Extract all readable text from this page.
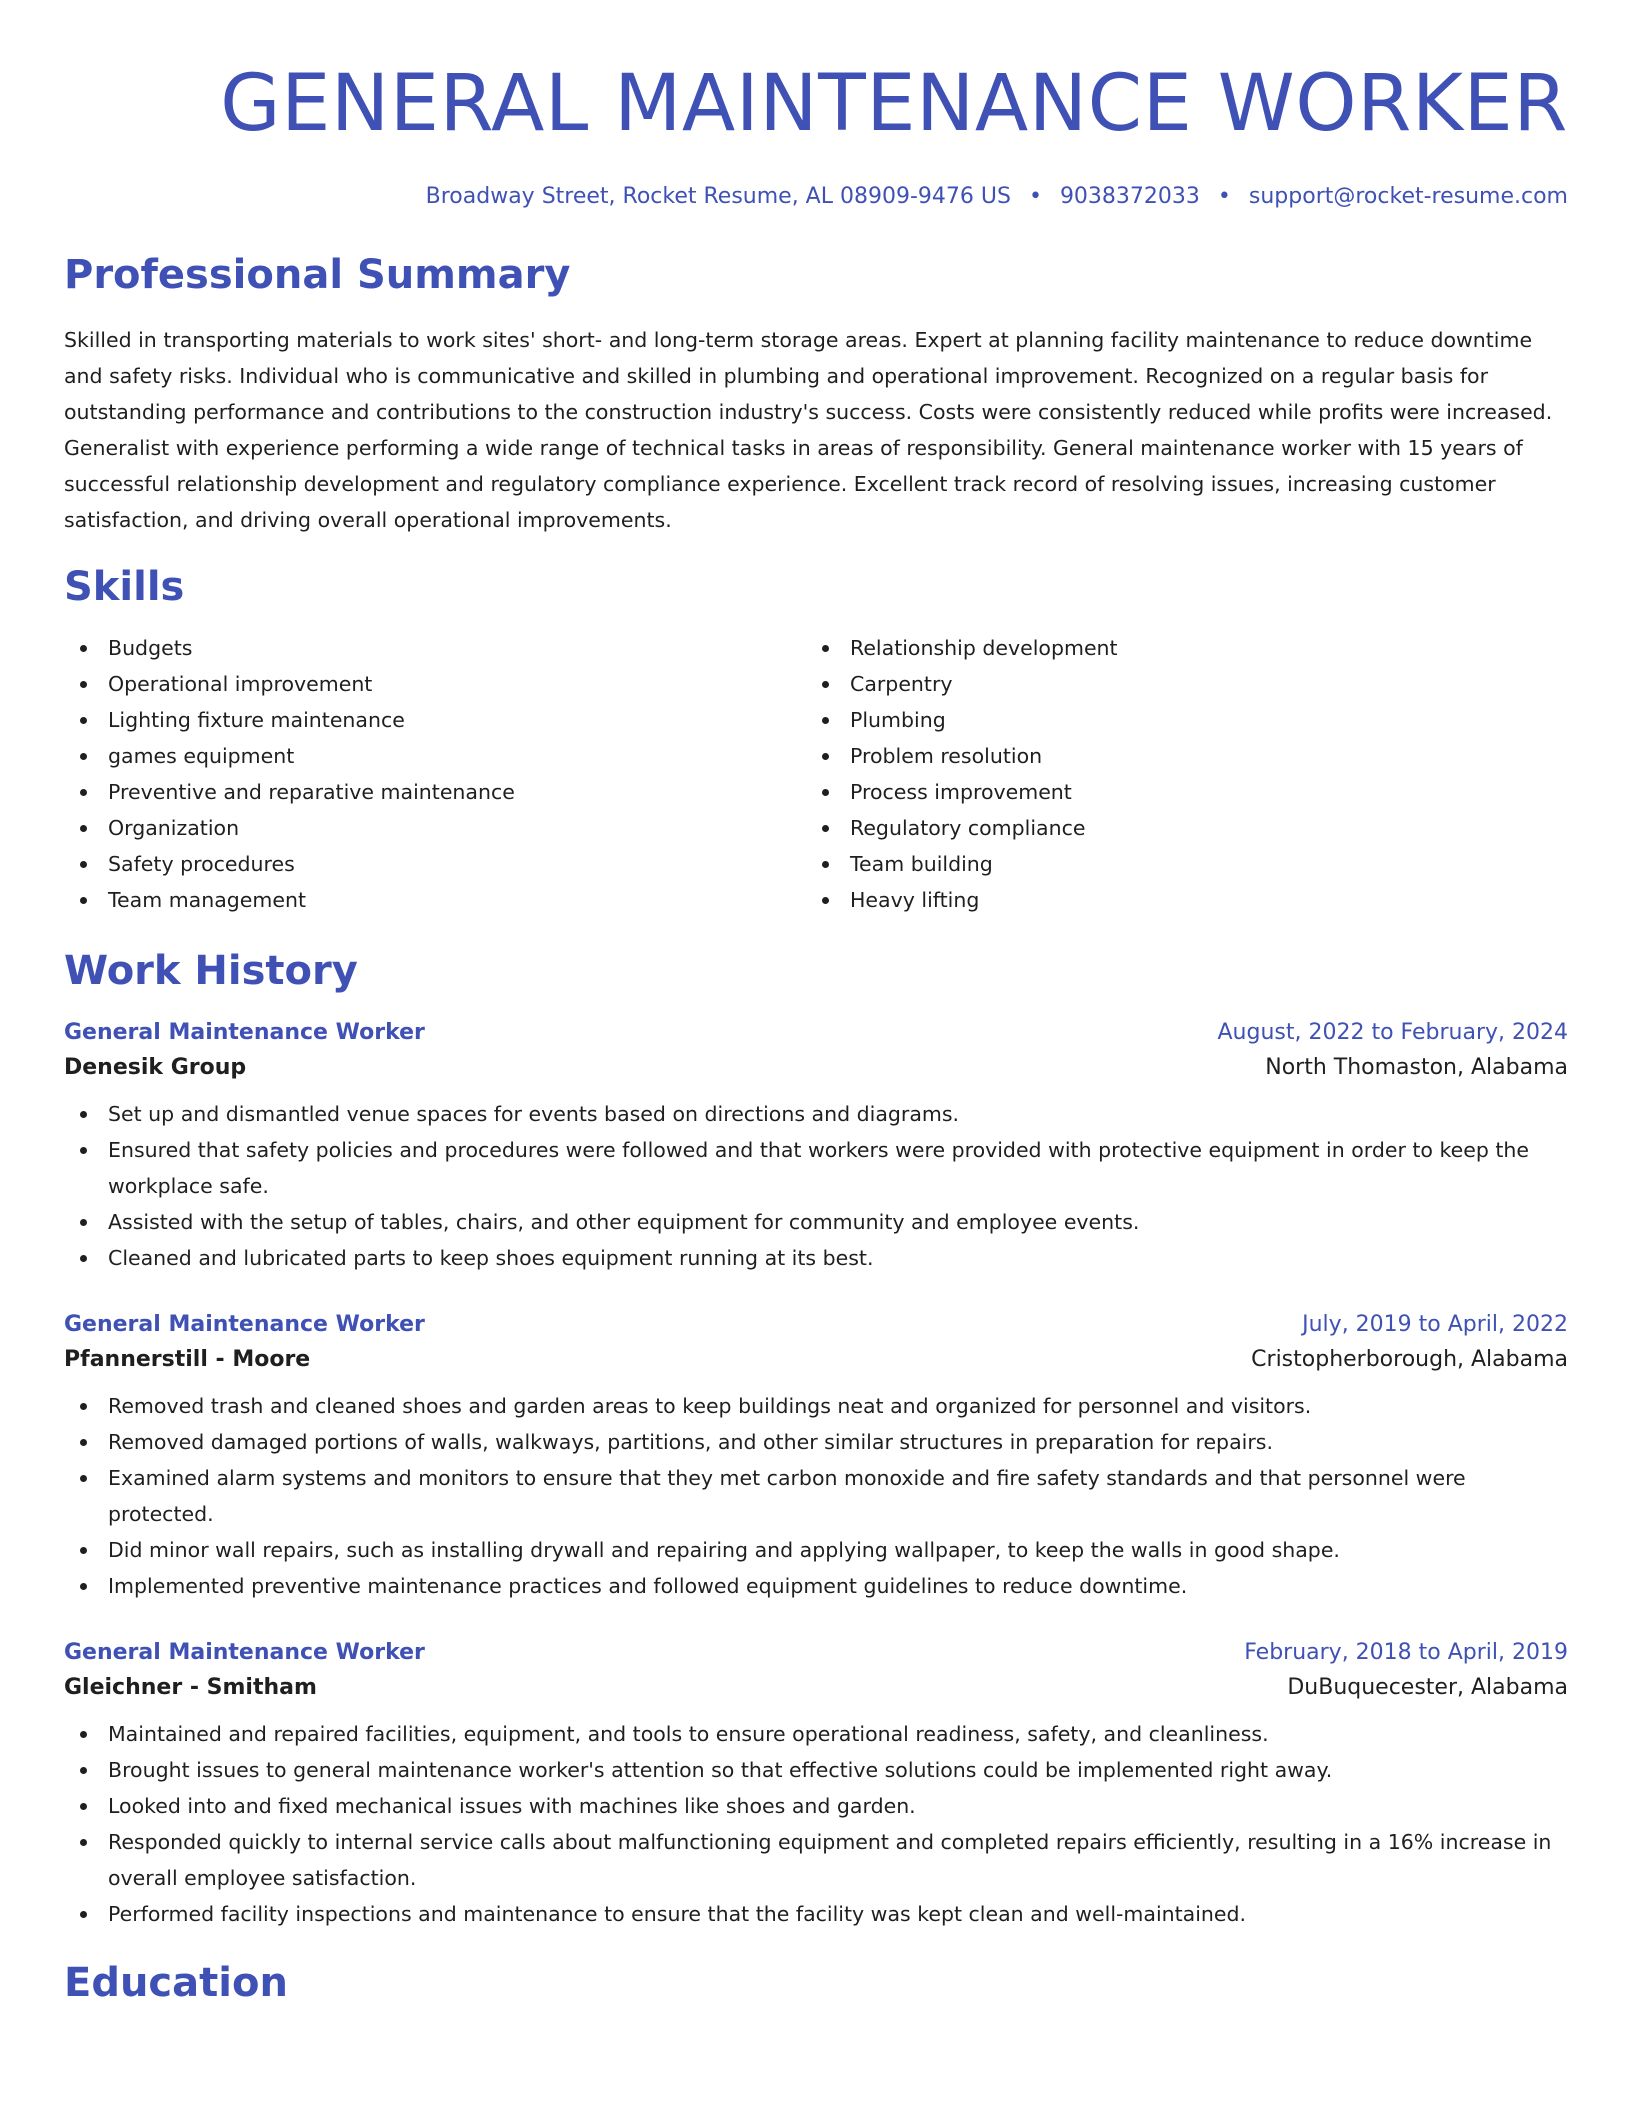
GENERAL MAINTENANCE WORKER
Broadway Street, Rocket Resume, AL 08909-9476 US • 9038372033 • support@rocket-resume.com
Professional Summary
Skilled in transporting materials to work sites' short- and long-term storage areas. Expert at planning facility maintenance to reduce downtime and safety risks. Individual who is communicative and skilled in plumbing and operational improvement. Recognized on a regular basis for outstanding performance and contributions to the construction industry's success. Costs were consistently reduced while profits were increased. Generalist with experience performing a wide range of technical tasks in areas of responsibility. General maintenance worker with 15 years of successful relationship development and regulatory compliance experience. Excellent track record of resolving issues, increasing customer satisfaction, and driving overall operational improvements.
Skills
Budgets
Operational improvement
Lighting fixture maintenance
games equipment
Preventive and reparative maintenance
Organization
Safety procedures
Team management
Relationship development
Carpentry
Plumbing
Problem resolution
Process improvement
Regulatory compliance
Team building
Heavy lifting
Work History
General Maintenance Worker	August, 2022 to February, 2024
Denesik Group	North Thomaston, Alabama
Set up and dismantled venue spaces for events based on directions and diagrams.
Ensured that safety policies and procedures were followed and that workers were provided with protective equipment in order to keep the workplace safe.
Assisted with the setup of tables, chairs, and other equipment for community and employee events.
Cleaned and lubricated parts to keep shoes equipment running at its best.
General Maintenance Worker	July, 2019 to April, 2022
Pfannerstill - Moore	Cristopherborough, Alabama
Removed trash and cleaned shoes and garden areas to keep buildings neat and organized for personnel and visitors.
Removed damaged portions of walls, walkways, partitions, and other similar structures in preparation for repairs.
Examined alarm systems and monitors to ensure that they met carbon monoxide and fire safety standards and that personnel were protected.
Did minor wall repairs, such as installing drywall and repairing and applying wallpaper, to keep the walls in good shape.
Implemented preventive maintenance practices and followed equipment guidelines to reduce downtime.
General Maintenance Worker	February, 2018 to April, 2019
Gleichner - Smitham	DuBuquecester, Alabama
Maintained and repaired facilities, equipment, and tools to ensure operational readiness, safety, and cleanliness.
Brought issues to general maintenance worker's attention so that effective solutions could be implemented right away.
Looked into and fixed mechanical issues with machines like shoes and garden.
Responded quickly to internal service calls about malfunctioning equipment and completed repairs efficiently, resulting in a 16% increase in overall employee satisfaction.
Performed facility inspections and maintenance to ensure that the facility was kept clean and well-maintained.
Education
